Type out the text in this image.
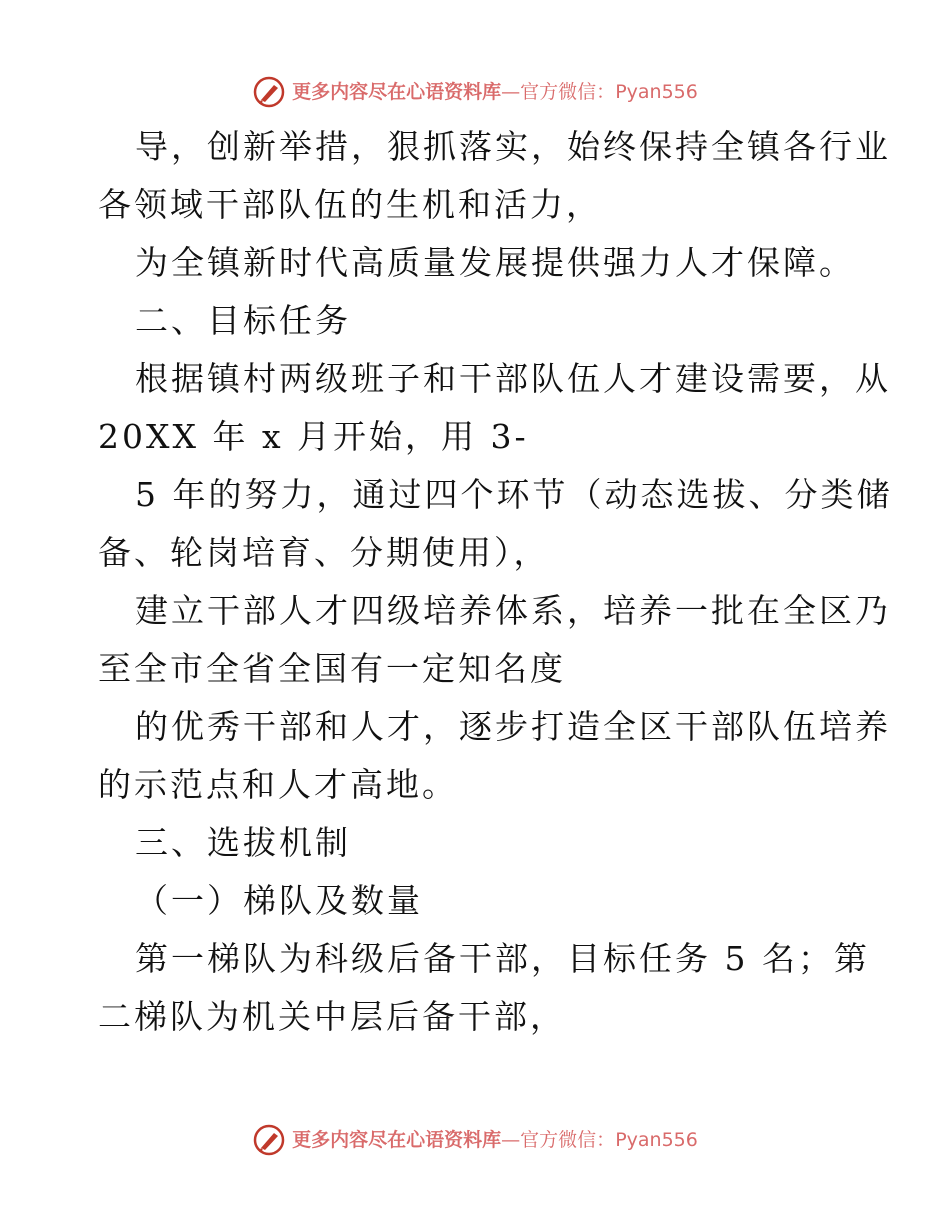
更多内容尽在心语资料库 — 官方微信： Pyan556
导，创新举措，狠抓落实，始终保持全镇各行业
各领域干部队伍的生机和活力，
为全镇新时代高质量发展提供强力人才保障。
二、目标任务
根据镇村两级班子和干部队伍人才建设需要，从
20XX 年 x 月开始，用 3-
5 年的努力，通过四个环节（动态选拔、分类储
备、轮岗培育、分期使用），
建立干部人才四级培养体系，培养一批在全区乃
至全市全省全国有一定知名度
的优秀干部和人才，逐步打造全区干部队伍培养
的示范点和人才高地。
三、选拔机制
（一）梯队及数量
第一梯队为科级后备干部，目标任务 5 名；第
二梯队为机关中层后备干部，
更多内容尽在心语资料库 — 官方微信： Pyan556
